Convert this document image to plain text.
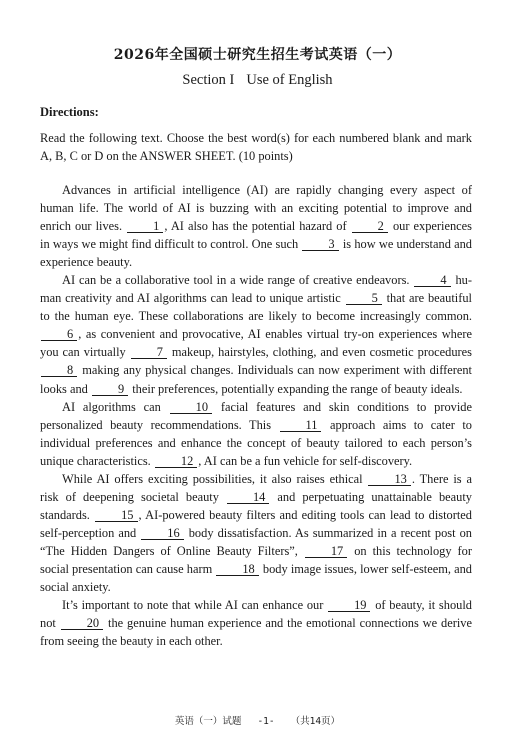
2026年全国硕士研究生招生考试英语（一）
Section I Use of English
Directions:
Read the following text. Choose the best word(s) for each numbered blank and mark A, B, C or D on the ANSWER SHEET. (10 points)

Advances in artificial intelligence (AI) are rapidly changing every aspect of human life. The world of AI is buzzing with an exciting potential to improve and enrich our lives. 1 , AI also has the potential hazard of 2 our experiences in ways we might find difficult to control. One such 3 is how we understand and experience beauty.

AI can be a collaborative tool in a wide range of creative endeavors. 4 human creativity and AI algorithms can lead to unique artistic 5 that are beautiful to the human eye. These collaborations are likely to become increasingly common. 6 , as convenient and provocative, AI enables virtual try-on experiences where you can virtually 7 makeup, hairstyles, clothing, and even cosmetic procedures 8 making any physical changes. Individuals can now experiment with different looks and 9 their preferences, potentially expanding the range of beauty ideals.

AI algorithms can 10 facial features and skin conditions to provide personalized beauty recommendations. This 11 approach aims to cater to individual preferences and enhance the concept of beauty tailored to each person’s unique characteristics. 12 , AI can be a fun vehicle for self-discovery.

While AI offers exciting possibilities, it also raises ethical 13 . There is a risk of deepening societal beauty 14 and perpetuating unattainable beauty standards. 15 , AI-powered beauty filters and editing tools can lead to distorted self-perception and 16 body dissatisfaction. As summarized in a recent post on “The Hidden Dangers of Online Beauty Filters”, 17 on this technology for social presentation can cause harm 18 body image issues, lower self-esteem, and social anxiety.

It’s important to note that while AI can enhance our 19 of beauty, it should not 20 the genuine human experience and the emotional connections we derive from seeing the beauty in each other.

英语（一）试题 -1- （共14页）
